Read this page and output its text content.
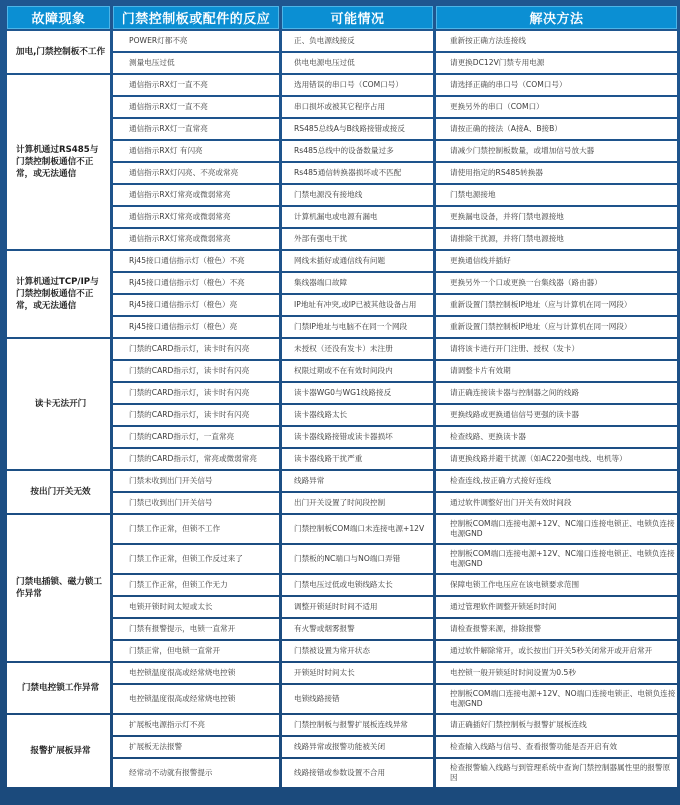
故障现象	门禁控制板或配件的反应	可能情况	解决方法
加电,门禁控制板不工作	POWER灯都不亮	正、负电源线接反	重新按正确方法连接线
	测量电压过低	供电电源电压过低	请更换DC12V门禁专用电源
计算机通过RS485与门禁控制板通信不正常，或无法通信	通信指示RX灯一直不亮	选用错误的串口号（COM口号）	请选择正确的串口号（COM口号）
	通信指示RX灯一直不亮	串口损坏或被其它程序占用	更换另外的串口（COM口）
	通信指示RX灯一直常亮	RS485总线A与B线路接错或接反	请按正确的接法（A接A、B接B）
	通信指示RX灯 有闪亮	Rs485总线中的设备数量过多	请减少门禁控制板数量，或增加信号放大器
	通信指示RX灯闪亮、不亮或常亮	Rs485通信转换器损坏或不匹配	请使用指定的RS485转换器
	通信指示RX灯常亮或微弱常亮	门禁电源没有接地线	门禁电源接地
	通信指示RX灯常亮或微弱常亮	计算机漏电或电源有漏电	更换漏电设备，并将门禁电源接地
	通信指示RX灯常亮或微弱常亮	外部有强电干扰	请排除干扰源，并将门禁电源接地
计算机通过TCP/IP与门禁控制板通信不正常，或无法通信	Rj45接口通信指示灯（橙色）不亮	网线未插好或通信线有问题	更换通信线并插好
	Rj45接口通信指示灯（橙色）不亮	集线器端口故障	更换另外一个口或更换一台集线器（路由器）
	Rj45接口通信指示灯（橙色）亮	IP地址有冲突,或IP已被其他设备占用	重新设置门禁控制板IP地址（应与计算机在同一网段）
	Rj45接口通信指示灯（橙色）亮	门禁IP地址与电脑不在同一个网段	重新设置门禁控制板IP地址（应与计算机在同一网段）
读卡无法开门	门禁的CARD指示灯，读卡时有闪亮	未授权（还没有发卡）未注册	请将该卡进行开门注册、授权（发卡）
	门禁的CARD指示灯，读卡时有闪亮	权限过期或不在有效时间段内	请调整卡片有效期
	门禁的CARD指示灯，读卡时有闪亮	读卡器WG0与WG1线路接反	请正确连接读卡器与控制器之间的线路
	门禁的CARD指示灯，读卡时有闪亮	读卡器线路太长	更换线路或更换通信信号更强的读卡器
	门禁的CARD指示灯，一直常亮	读卡器线路接错或读卡器损坏	检查线路、更换读卡器
	门禁的CARD指示灯，常亮或微弱常亮	读卡器线路干扰严重	请更换线路并避干扰源（如AC220强电线、电机等）
按出门开关无效	门禁未收到出门开关信号	线路异常	检查连线,按正确方式接好连线
	门禁已收到出门开关信号	出门开关设置了时间段控制	通过软件调整好出门开关有效时间段
门禁电插锁、磁力锁工作异常	门禁工作正常，但锁不工作	门禁控制板COM端口未连接电源+12V	控制板COM端口连接电源+12V、NC端口连接电锁正、电锁负连接电源GND
	门禁工作正常，但锁工作反过来了	门禁板的NC端口与NO端口弄错	控制板COM端口连接电源+12V、NC端口连接电锁正、电锁负连接电源GND
	门禁工作正常，但锁工作无力	门禁电压过低或电锁线路太长	保障电锁工作电压应在该电锁要求范围
	电锁开锁时间太短或太长	调整开锁延时时间不适用	通过管理软件调整开锁延时时间
	门禁有报警提示，电锁一直常开	有火警或烟雾报警	请检查报警来源，排除报警
	门禁正常，但电锁一直常开	门禁被设置为常开状态	通过软件解除常开，或长按出门开关5秒关闭常开或开启常开
门禁电控锁工作异常	电控锁温度很高或经常烧电控锁	开锁延时时间太长	电控锁一般开锁延时时间设置为0.5秒
	电控锁温度很高或经常烧电控锁	电锁线路接错	控制板COM端口连接电源+12V、NO端口连接电锁正、电锁负连接电源GND
报警扩展板异常	扩展板电源指示灯不亮	门禁控制板与报警扩展板连线异常	请正确插好门禁控制板与报警扩展板连线
	扩展板无法报警	线路异常或报警功能被关闭	检查输入线路与信号、查看报警功能是否开启有效
	经常动不动就有报警提示	线路接错或参数设置不合用	检查报警输入线路与到管理系统中查询门禁控制器属性里的报警原因
